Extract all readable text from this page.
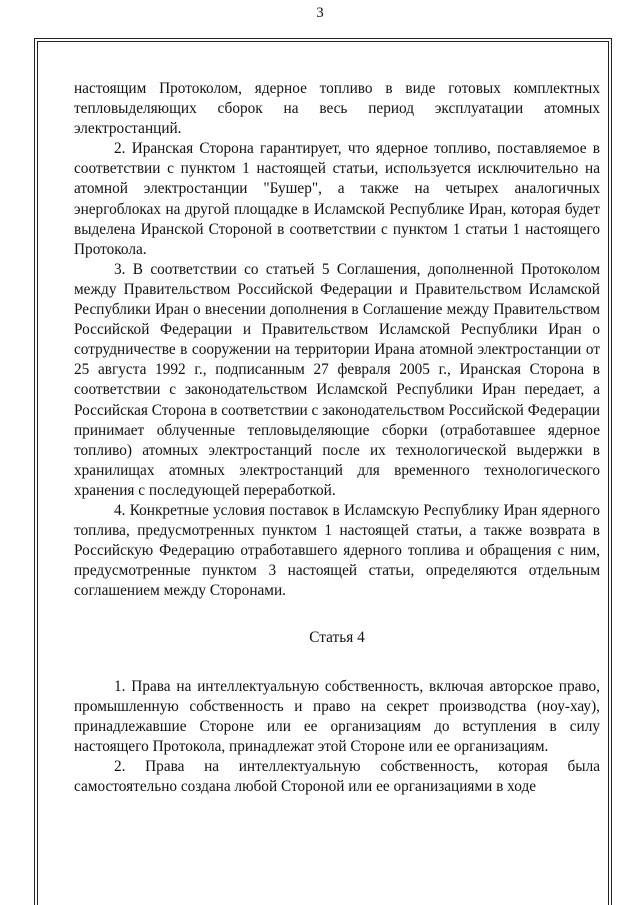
3

настоящим Протоколом, ядерное топливо в виде готовых комплектных тепловыделяющих сборок на весь период эксплуатации атомных электростанций.

2. Иранская Сторона гарантирует, что ядерное топливо, поставляемое в соответствии с пунктом 1 настоящей статьи, используется исключительно на атомной электростанции "Бушер", а также на четырех аналогичных энергоблоках на другой площадке в Исламской Республике Иран, которая будет выделена Иранской Стороной в соответствии с пунктом 1 статьи 1 настоящего Протокола.

3. В соответствии со статьей 5 Соглашения, дополненной Протоколом между Правительством Российской Федерации и Правительством Исламской Республики Иран о внесении дополнения в Соглашение между Правительством Российской Федерации и Правительством Исламской Республики Иран о сотрудничестве в сооружении на территории Ирана атомной электростанции от 25 августа 1992 г., подписанным 27 февраля 2005 г., Иранская Сторона в соответствии с законодательством Исламской Республики Иран передает, а Российская Сторона в соответствии с законодательством Российской Федерации принимает облученные тепловыделяющие сборки (отработавшее ядерное топливо) атомных электростанций после их технологической выдержки в хранилищах атомных электростанций для временного технологического хранения с последующей переработкой.

4. Конкретные условия поставок в Исламскую Республику Иран ядерного топлива, предусмотренных пунктом 1 настоящей статьи, а также возврата в Российскую Федерацию отработавшего ядерного топлива и обращения с ним, предусмотренные пунктом 3 настоящей статьи, определяются отдельным соглашением между Сторонами.

Статья 4

1. Права на интеллектуальную собственность, включая авторское право, промышленную собственность и право на секрет производства (ноу-хау), принадлежавшие Стороне или ее организациям до вступления в силу настоящего Протокола, принадлежат этой Стороне или ее организациям.

2. Права на интеллектуальную собственность, которая была самостоятельно создана любой Стороной или ее организациями в ходе
